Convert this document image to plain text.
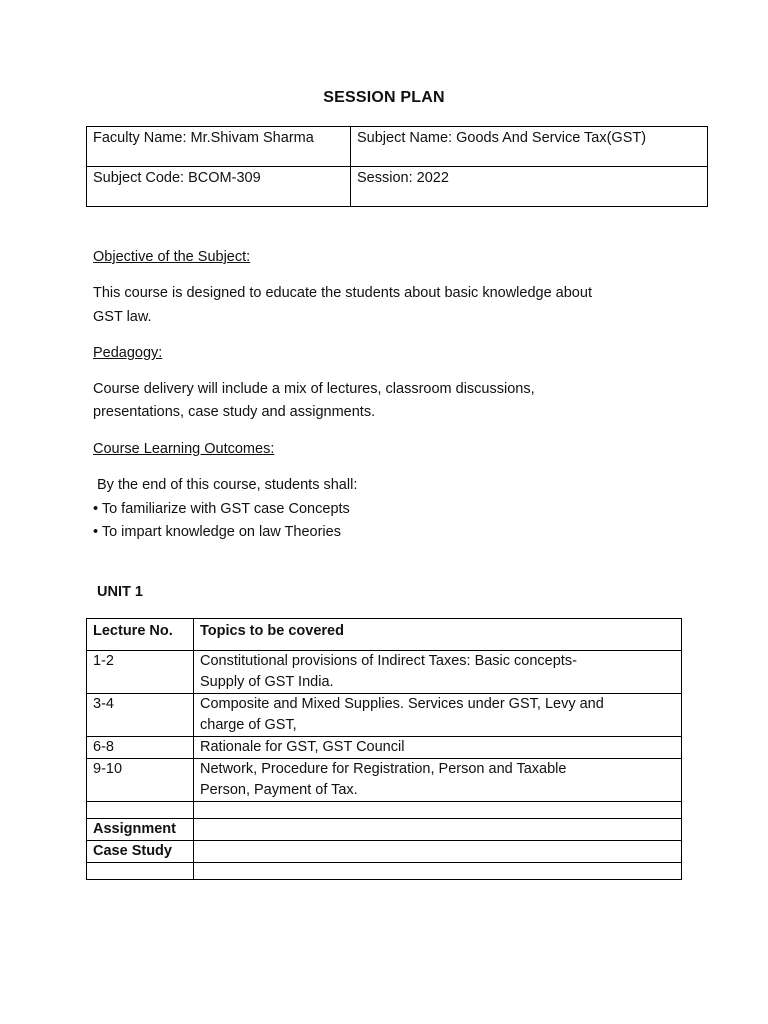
SESSION PLAN
Faculty Name: Mr.Shivam Sharma	Subject Name: Goods And Service Tax(GST)
Subject Code: BCOM-309	Session: 2022
Objective of the Subject:
This course is designed to educate the students about basic knowledge about
GST law.
Pedagogy:
Course delivery will include a mix of lectures, classroom discussions,
presentations, case study and assignments.
Course Learning Outcomes:
By the end of this course, students shall:
• To familiarize with GST case Concepts
• To impart knowledge on law Theories
UNIT 1
Lecture No.	Topics to be covered
1-2	Constitutional provisions of Indirect Taxes: Basic concepts-
Supply of GST India.

3-4	Composite and Mixed Supplies. Services under GST, Levy and
charge of GST,

6-8	Rationale for GST, GST Council
9-10	Network, Procedure for Registration, Person and Taxable
Person, Payment of Tax.

Assignment	
Case Study	
